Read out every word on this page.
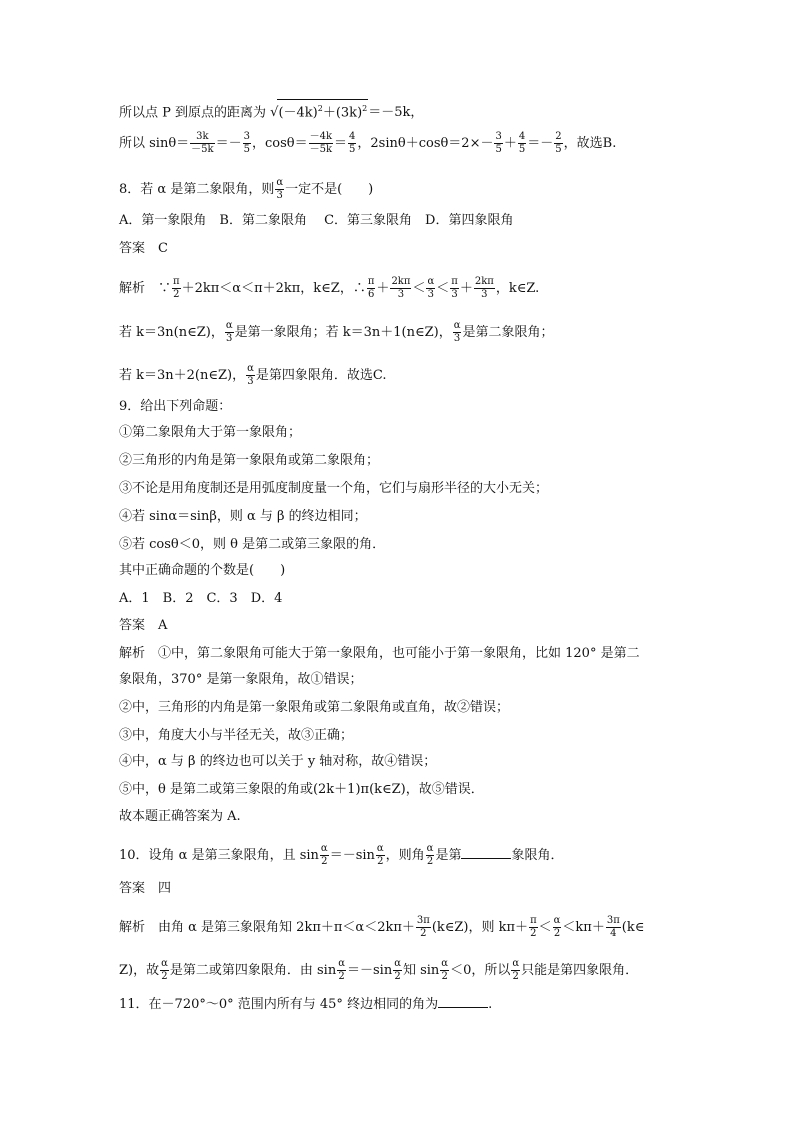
所以点 P 到原点的距离为 $√(-4k)^2+(3k)^2=-5k$，
所以 $\sin\theta= \frac{3k}{-5k} =- \frac{3}{5}$ ，$\cos\theta= \frac{-4k}{-5k} = \frac{4}{5}$ ，$2\sin\theta+\cos\theta=2\times- \frac{3}{5} + \frac{4}{5} =- \frac{2}{5}$ ，故选B.
8．若 α 是第二象限角，则 $\frac{\alpha}{3}$ 一定不是(　　)
A．第一象限角　B．第二象限角　 C．第三象限角　D．第四象限角
答案　C
解析　∵ $\frac{\pi}{2} +2k\pi<\alpha<\pi+2k\pi$，k∈Z，∴ $\frac{\pi}{6} + \frac{2k\pi}{3} < \frac{\alpha}{3} < \frac{\pi}{3} + \frac{2k\pi}{3}$ ，k∈Z.
若 k＝3n(n∈Z)， $\frac{\alpha}{3}$ 是第一象限角；若 k＝3n＋1(n∈Z)， $\frac{\alpha}{3}$ 是第二象限角；
若 k＝3n＋2(n∈Z)， $\frac{\alpha}{3}$ 是第四象限角．故选C.
9．给出下列命题：
①第二象限角大于第一象限角；
②三角形的内角是第一象限角或第二象限角；
③不论是用角度制还是用弧度制度量一个角，它们与扇形半径的大小无关；
④若 sinα＝sinβ，则 α 与 β 的终边相同；
⑤若 cosθ＜0，则 θ 是第二或第三象限的角．
其中正确命题的个数是(　　)
A．1　B．2　C．3　D．4
答案　A
解析　①中，第二象限角可能大于第一象限角，也可能小于第一象限角，比如 120° 是第二
象限角，370° 是第一象限角，故①错误；
②中，三角形的内角是第一象限角或第二象限角或直角，故②错误；
③中，角度大小与半径无关，故③正确；
④中，α 与 β 的终边也可以关于 y 轴对称，故④错误；
⑤中，θ 是第二或第三象限的角或(2k＋1)π(k∈Z)，故⑤错误．
故本题正确答案为 A.
10．设角 α 是第三象限角，且 $\sin \frac{\alpha}{2} =-\sin \frac{\alpha}{2}$ ，则角 $\frac{\alpha}{2}$ 是第	象限角．
答案　四
解析　由角 α 是第三象限角知 $2k\pi+\pi<\alpha<2k\pi+ \frac{3\pi}{2}$ (k∈Z)，则 $k\pi+ \frac{\pi}{2} < \frac{\alpha}{2} <k\pi+ \frac{3\pi}{4}$ (k∈
Z)，故 $\frac{\alpha}{2}$ 是第二或第四象限角．由 $\sin \frac{\alpha}{2} =-\sin \frac{\alpha}{2}$ 知 $\sin \frac{\alpha}{2} <0$，所以 $\frac{\alpha}{2}$ 只能是第四象限角．
11．在－720°～0° 范围内所有与 45° 终边相同的角为	.
